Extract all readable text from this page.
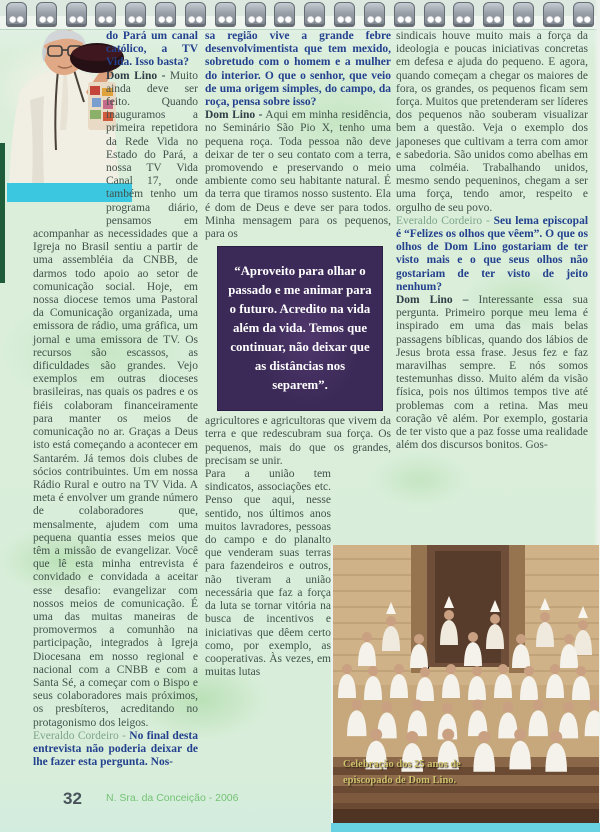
do Pará um canal católico, a TV Vida. Isso basta?

Dom Lino - Muito ainda deve ser feito. Quando inauguramos a primeira repetidora da Rede Vida no Estado do Pará, a nossa TV Vida Canal 17, onde também tenho um programa diário, pensamos em acompanhar as necessidades que a Igreja no Brasil sentiu a partir de uma assembléia da CNBB, de darmos todo apoio ao setor de comunicação social. Hoje, em nossa diocese temos uma Pastoral da Comunicação organizada, uma emissora de rádio, uma gráfica, um jornal e uma emissora de TV. Os recursos são escassos, as dificuldades são grandes. Vejo exemplos em outras dioceses brasileiras, nas quais os padres e os fiéis colaboram financeiramente para manter os meios de comunicação no ar. Graças a Deus isto está começando a acontecer em Santarém. Já temos dois clubes de sócios contribuintes. Um em nossa Rádio Rural e outro na TV Vida. A meta é envolver um grande número de colaboradores que, mensalmente, ajudem com uma pequena quantia esses meios que têm a missão de evangelizar. Você que lê esta minha entrevista é convidado e convidada a aceitar esse desafio: evangelizar com nossos meios de comunicação. É uma das muitas maneiras de promovermos a comunhão na participação, integrados à Igreja Diocesana em nosso regional e nacional com a CNBB e com a Santa Sé, a começar com o Bispo e seus colaboradores mais próximos, os presbíteros, acreditando no protagonismo dos leigos.

Everaldo Cordeiro - No final desta entrevista não poderia deixar de lhe fazer esta pergunta. Nos-

sa região vive a grande febre desenvolvimentista que tem mexido, sobretudo com o homem e a mulher do interior. O que o senhor, que veio de uma origem simples, do campo, da roça, pensa sobre isso?

Dom Lino - Aqui em minha residência, no Seminário São Pio X, tenho uma pequena roça. Toda pessoa não deve deixar de ter o seu contato com a terra, promovendo e preservando o meio ambiente como seu habitante natural. É da terra que tiramos nosso sustento. Ela é dom de Deus e deve ser para todos. Minha mensagem para os pequenos, para os

“Aproveito para olhar o passado e me animar para o futuro. Acredito na vida além da vida. Temos que continuar, não deixar que as distâncias nos separem”.

agricultores e agricultoras que vivem da terra e que redescubram sua força. Os pequenos, mais do que os grandes, precisam se unir.

Para a união tem sindicatos, associações etc. Penso que aqui, nesse sentido, nos últimos anos muitos lavradores, pessoas do campo e do planalto que venderam suas terras para fazendeiros e outros, não tiveram a união necessária que faz a força da luta se tornar vitória na busca de incentivos e iniciativas que dêem certo como, por exemplo, as cooperativas. Às vezes, em muitas lutas

sindicais houve muito mais a força da ideologia e poucas iniciativas concretas em defesa e ajuda do pequeno. E agora, quando começam a chegar os maiores de fora, os grandes, os pequenos ficam sem força. Muitos que pretenderam ser líderes dos pequenos não souberam visualizar bem a questão. Veja o exemplo dos japoneses que cultivam a terra com amor e sabedoria. São unidos como abelhas em uma colméia. Trabalhando unidos, mesmo sendo pequeninos, chegam a ser uma força, tendo amor, respeito e orgulho de seu povo.

Everaldo Cordeiro - Seu lema episcopal é “Felizes os olhos que vêem”. O que os olhos de Dom Lino gostariam de ter visto mais e o que seus olhos não gostariam de ter visto de jeito nenhum?

Dom Lino – Interessante essa sua pergunta. Primeiro porque meu lema é inspirado em uma das mais belas passagens bíblicas, quando dos lábios de Jesus brota essa frase. Jesus fez e faz maravilhas sempre. E nós somos testemunhas disso. Muito além da visão física, pois nos últimos tempos tive até problemas com a retina. Mas meu coração vê além. Por exemplo, gostaria de ter visto que a paz fosse uma realidade além dos discursos bonitos. Gos-

Celebração dos 25 anos de
episcopado de Dom Lino.
32 N. Sra. da Conceição - 2006
